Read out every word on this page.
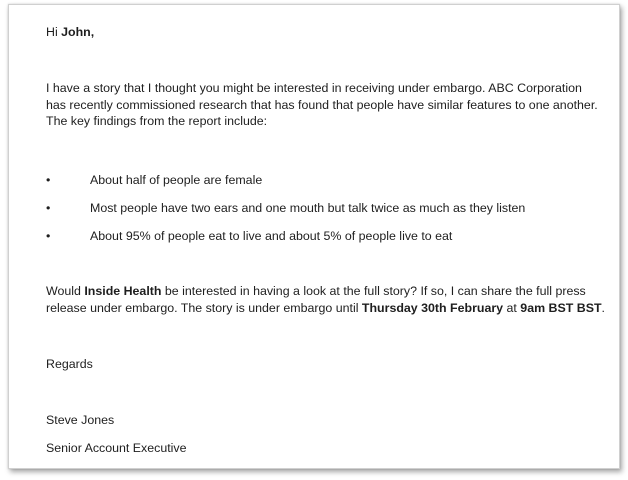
Hi John,
I have a story that I thought you might be interested in receiving under embargo. ABC Corporation
has recently commissioned research that has found that people have similar features to one another.
The key findings from the report include:
•	About half of people are female
•	Most people have two ears and one mouth but talk twice as much as they listen
•	About 95% of people eat to live and about 5% of people live to eat
Would Inside Health be interested in having a look at the full story? If so, I can share the full press
release under embargo. The story is under embargo until Thursday 30th February at 9am BST BST.
Regards
Steve Jones
Senior Account Executive
